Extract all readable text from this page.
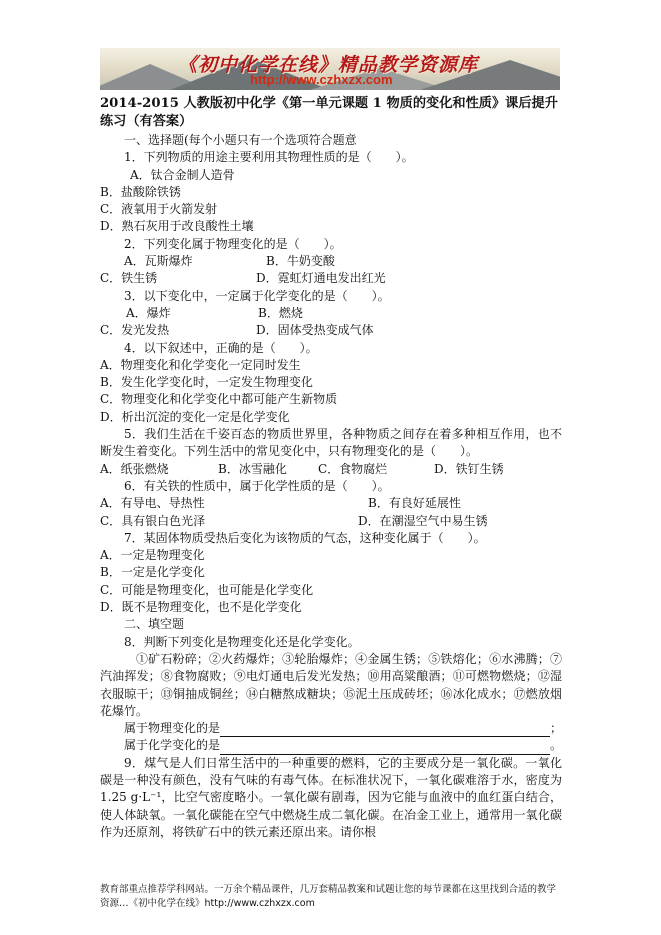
《初中化学在线》精品教学资源库
http://www.czhxzx.com
2014-2015 人教版初中化学《第一单元课题 1 物质的变化和性质》课后提升练习（有答案）
一、选择题(每个小题只有一个选项符合题意
1．下列物质的用途主要利用其物理性质的是（　　）。
A．钛合金制人造骨
B．盐酸除铁锈
C．液氧用于火箭发射
D．熟石灰用于改良酸性土壤
2．下列变化属于物理变化的是（　　）。
A．瓦斯爆炸	B．牛奶变酸
C．铁生锈	D．霓虹灯通电发出红光
3．以下变化中，一定属于化学变化的是（　　）。
A．爆炸	B．燃烧
C．发光发热	D．固体受热变成气体
4．以下叙述中，正确的是（　　）。
A．物理变化和化学变化一定同时发生
B．发生化学变化时，一定发生物理变化
C．物理变化和化学变化中都可能产生新物质
D．析出沉淀的变化一定是化学变化
5．我们生活在千姿百态的物质世界里，各种物质之间存在着多种相互作用，也不断发生着变化。下列生活中的常见变化中，只有物理变化的是（　　）。
A．纸张燃烧	B．冰雪融化	C．食物腐烂	D．铁钉生锈
6．有关铁的性质中，属于化学性质的是（　　）。
A．有导电、导热性	B．有良好延展性
C．具有银白色光泽	D．在潮湿空气中易生锈
7．某固体物质受热后变化为该物质的气态，这种变化属于（　　）。
A．一定是物理变化
B．一定是化学变化
C．可能是物理变化，也可能是化学变化
D．既不是物理变化，也不是化学变化
二、填空题
8．判断下列变化是物理变化还是化学变化。
①矿石粉碎；②火药爆炸；③轮胎爆炸；④金属生锈；⑤铁熔化；⑥水沸腾；⑦汽油挥发；⑧食物腐败；⑨电灯通电后发光发热；⑩用高粱酿酒；⑪可燃物燃烧；⑫湿衣服晾干；⑬铜抽成铜丝；⑭白糖熬成糖块；⑮泥土压成砖坯；⑯冰化成水；⑰燃放烟花爆竹。
属于物理变化的是	；
属于化学变化的是	。
9．煤气是人们日常生活中的一种重要的燃料，它的主要成分是一氧化碳。一氧化碳是一种没有颜色，没有气味的有毒气体。在标准状况下，一氧化碳难溶于水，密度为 1.25 g·L⁻¹，比空气密度略小。一氧化碳有剧毒，因为它能与血液中的血红蛋白结合，使人体缺氧。一氧化碳能在空气中燃烧生成二氧化碳。在冶金工业上，通常用一氧化碳作为还原剂，将铁矿石中的铁元素还原出来。请你根
教育部重点推荐学科网站。一万余个精品课件，几万套精品教案和试题让您的每节课都在这里找到合适的教学资源…《初中化学在线》http://www.czhxzx.com
